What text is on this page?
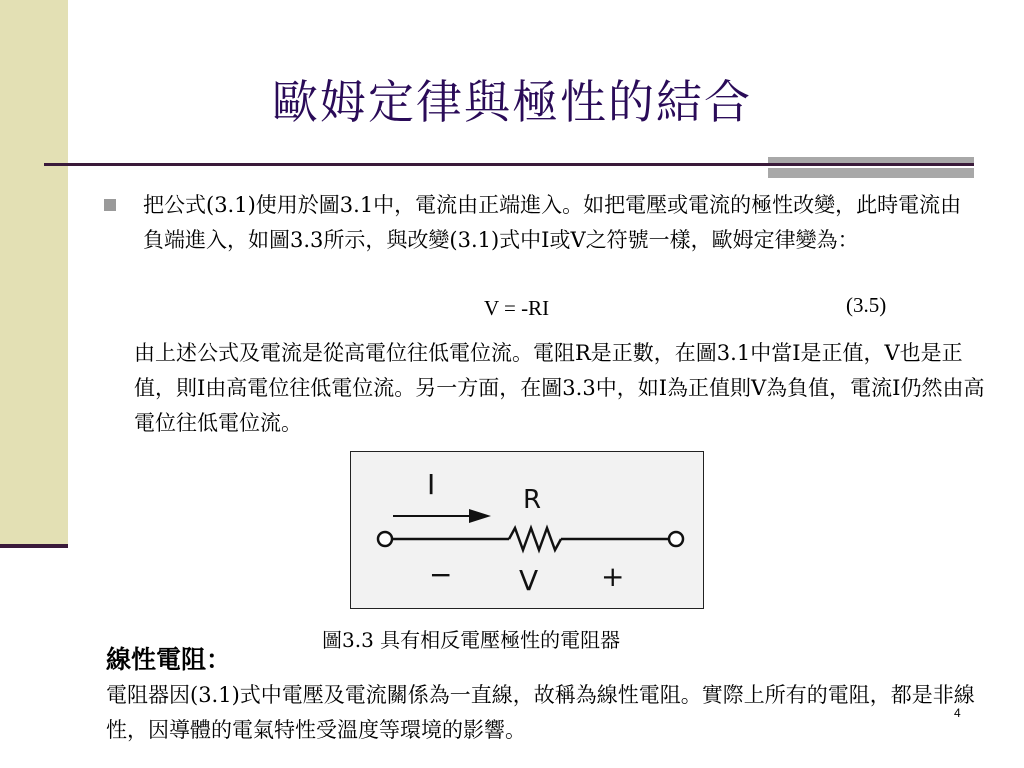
歐姆定律與極性的結合

把公式(3.1)使用於圖3.1中，電流由正端進入。如把電壓或電流的極性改變，此時電流由負端進入，如圖3.3所示，與改變(3.1)式中I或V之符號一樣，歐姆定律變為：

V = -RI	(3.5)

由上述公式及電流是從高電位往低電位流。電阻R是正數，在圖3.1中當I是正值，V也是正值，則I由高電位往低電位流。另一方面，在圖3.3中，如I為正值則V為負值，電流I仍然由高電位往低電位流。

I	R
V
−	+
圖3.3 具有相反電壓極性的電阻器
線性電阻：

電阻器因(3.1)式中電壓及電流關係為一直線，故稱為線性電阻。實際上所有的電阻，都是非線性，因導體的電氣特性受溫度等環境的影響。

4
